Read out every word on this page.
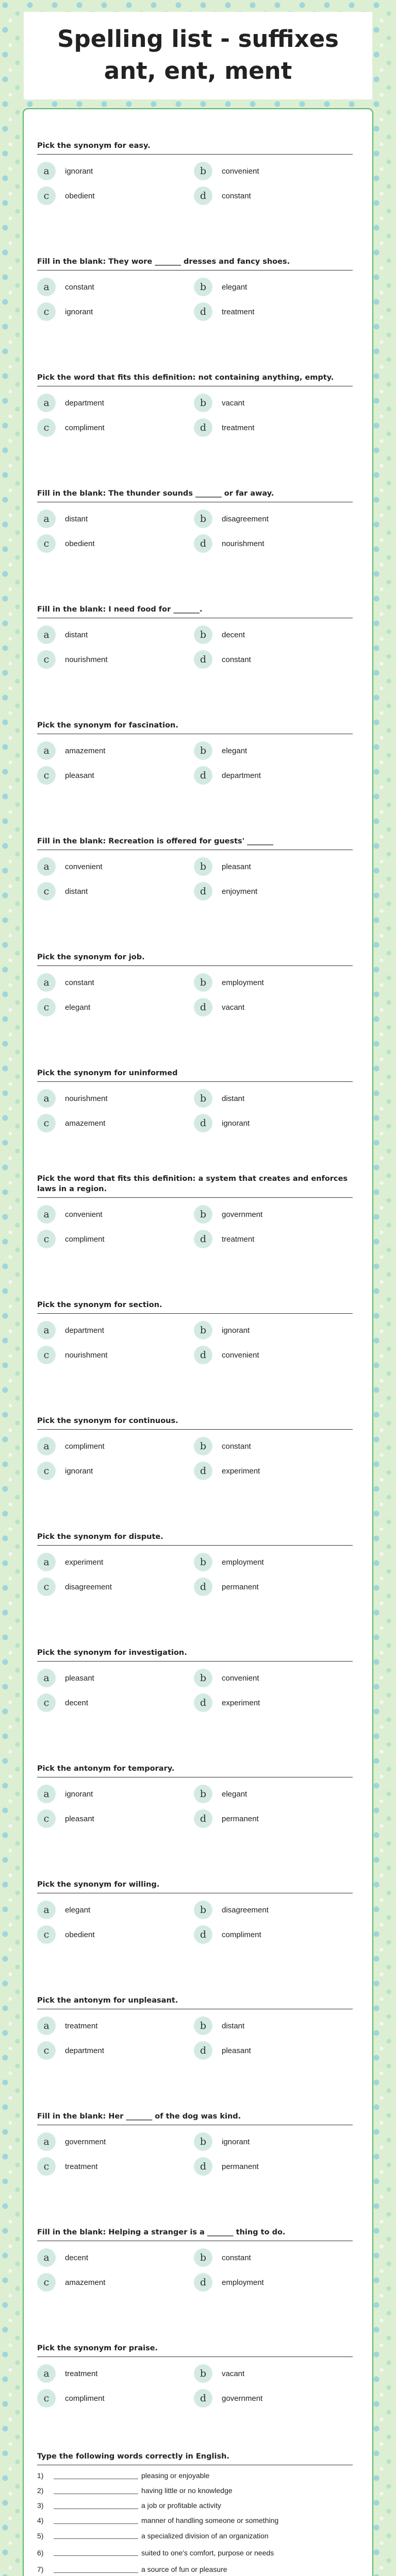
Spelling list - suffixes ant, ent, ment
Pick the synonym for easy.
a	ignorant	b	convenient
c	obedient	d	constant
Fill in the blank: They wore _______ dresses and fancy shoes.
a	constant	b	elegant
c	ignorant	d	treatment
Pick the word that fits this definition: not containing anything, empty.
a	department	b	vacant
c	compliment	d	treatment
Fill in the blank: The thunder sounds _______ or far away.
a	distant	b	disagreement
c	obedient	d	nourishment
Fill in the blank: I need food for _______.
a	distant	b	decent
c	nourishment	d	constant
Pick the synonym for fascination.
a	amazement	b	elegant
c	pleasant	d	department
Fill in the blank: Recreation is offered for guests' _______
a	convenient	b	pleasant
c	distant	d	enjoyment
Pick the synonym for job.
a	constant	b	employment
c	elegant	d	vacant
Pick the synonym for uninformed
a	nourishment	b	distant
c	amazement	d	ignorant
Pick the word that fits this definition: a system that creates and enforces laws in a region.
a	convenient	b	government
c	compliment	d	treatment
Pick the synonym for section.
a	department	b	ignorant
c	nourishment	d	convenient
Pick the synonym for continuous.
a	compliment	b	constant
c	ignorant	d	experiment
Pick the synonym for dispute.
a	experiment	b	employment
c	disagreement	d	permanent
Pick the synonym for investigation.
a	pleasant	b	convenient
c	decent	d	experiment
Pick the antonym for temporary.
a	ignorant	b	elegant
c	pleasant	d	permanent
Pick the synonym for willing.
a	elegant	b	disagreement
c	obedient	d	compliment
Pick the antonym for unpleasant.
a	treatment	b	distant
c	department	d	pleasant
Fill in the blank: Her _______ of the dog was kind.
a	government	b	ignorant
c	treatment	d	permanent
Fill in the blank: Helping a stranger is a _______ thing to do.
a	decent	b	constant
c	amazement	d	employment
Pick the synonym for praise.
a	treatment	b	vacant
c	compliment	d	government
Type the following words correctly in English.
1)	pleasing or enjoyable
2)	having little or no knowledge
3)	a job or profitable activity
4)	manner of handling someone or something
5)	a specialized division of an organization
6)	suited to one's comfort, purpose or needs
7)	a source of fun or pleasure
